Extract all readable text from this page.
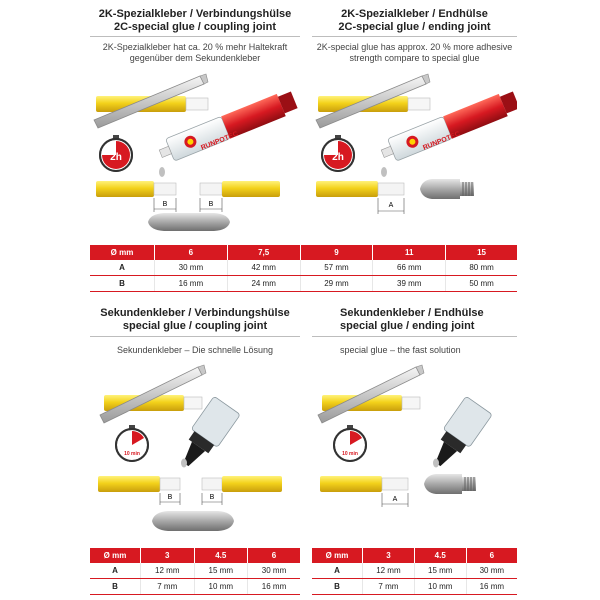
2K-Spezialkleber / Verbindungshülse
2C-special glue / coupling joint
2K-Spezialkleber hat ca. 20 % mehr Haltekraft gegenüber dem Sekundenkleber
2h
RUNPOTEC
B	B
2K-Spezialkleber / Endhülse
2C-special glue / ending joint
2K-special glue has approx. 20 % more adhesive strength compare to special glue
2h
RUNPOTEC
A
Ø mm	6	7,5	9	11	15
A	30 mm	42 mm	57 mm	66 mm	80 mm
B	16 mm	24 mm	29 mm	39 mm	50 mm
Sekundenkleber / Verbindungshülse
special glue / coupling joint
Sekundenkleber – Die schnelle Lösung
10 min
B	B
Sekundenkleber / Endhülse
special glue / ending joint
special glue – the fast solution
10 min
A
Ø mm	3	4.5	6
A	12 mm	15 mm	30 mm
B	7 mm	10 mm	16 mm
Ø mm	3	4.5	6
A	12 mm	15 mm	30 mm
B	7 mm	10 mm	16 mm
